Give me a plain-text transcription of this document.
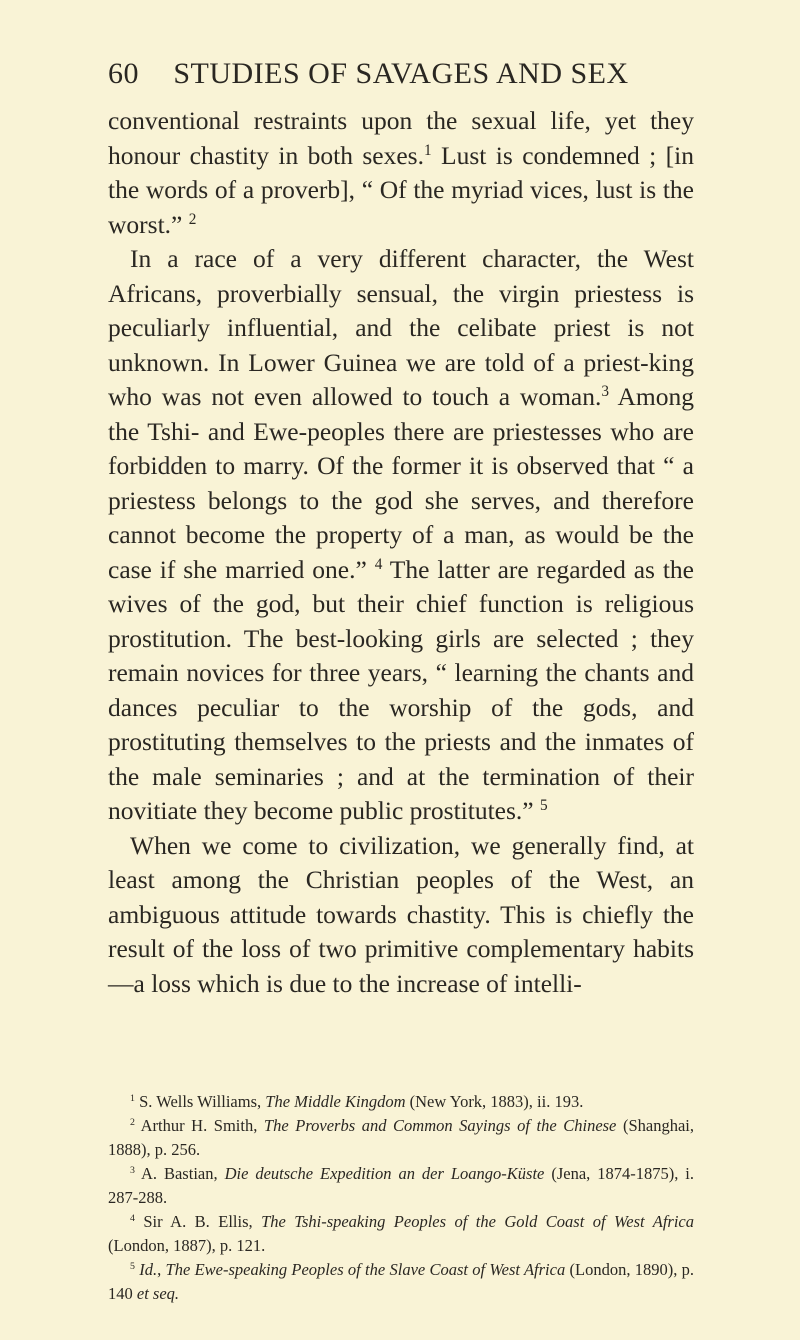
60	STUDIES OF SAVAGES AND SEX

conventional restraints upon the sexual life, yet they honour chastity in both sexes.$^1$ Lust is condemned ; [in the words of a proverb], “ Of the myriad vices, lust is the worst.” $^2$

In a race of a very different character, the West Africans, proverbially sensual, the virgin priestess is peculiarly influential, and the celibate priest is not unknown. In Lower Guinea we are told of a priest-king who was not even allowed to touch a woman.$^3$ Among the Tshi- and Ewe-peoples there are priestesses who are forbidden to marry. Of the former it is observed that “ a priestess belongs to the god she serves, and therefore cannot become the property of a man, as would be the case if she married one.” $^4$ The latter are regarded as the wives of the god, but their chief function is religious prostitution. The best-looking girls are selected ; they remain novices for three years, “ learning the chants and dances peculiar to the worship of the gods, and prostituting themselves to the priests and the inmates of the male seminaries ; and at the termination of their novitiate they become public prostitutes.” $^5$

When we come to civilization, we generally find, at least among the Christian peoples of the West, an ambiguous attitude towards chastity. This is chiefly the result of the loss of two primitive complementary habits—a loss which is due to the increase of intelli-

$^1$ S. Wells Williams, The Middle Kingdom (New York, 1883), ii. 193.

$^2$ Arthur H. Smith, The Proverbs and Common Sayings of the Chinese (Shanghai, 1888), p. 256.

$^3$ A. Bastian, Die deutsche Expedition an der Loango-Küste (Jena, 1874-1875), i. 287-288.

$^4$ Sir A. B. Ellis, The Tshi-speaking Peoples of the Gold Coast of West Africa (London, 1887), p. 121.

$^5$ Id., The Ewe-speaking Peoples of the Slave Coast of West Africa (London, 1890), p. 140 et seq.
